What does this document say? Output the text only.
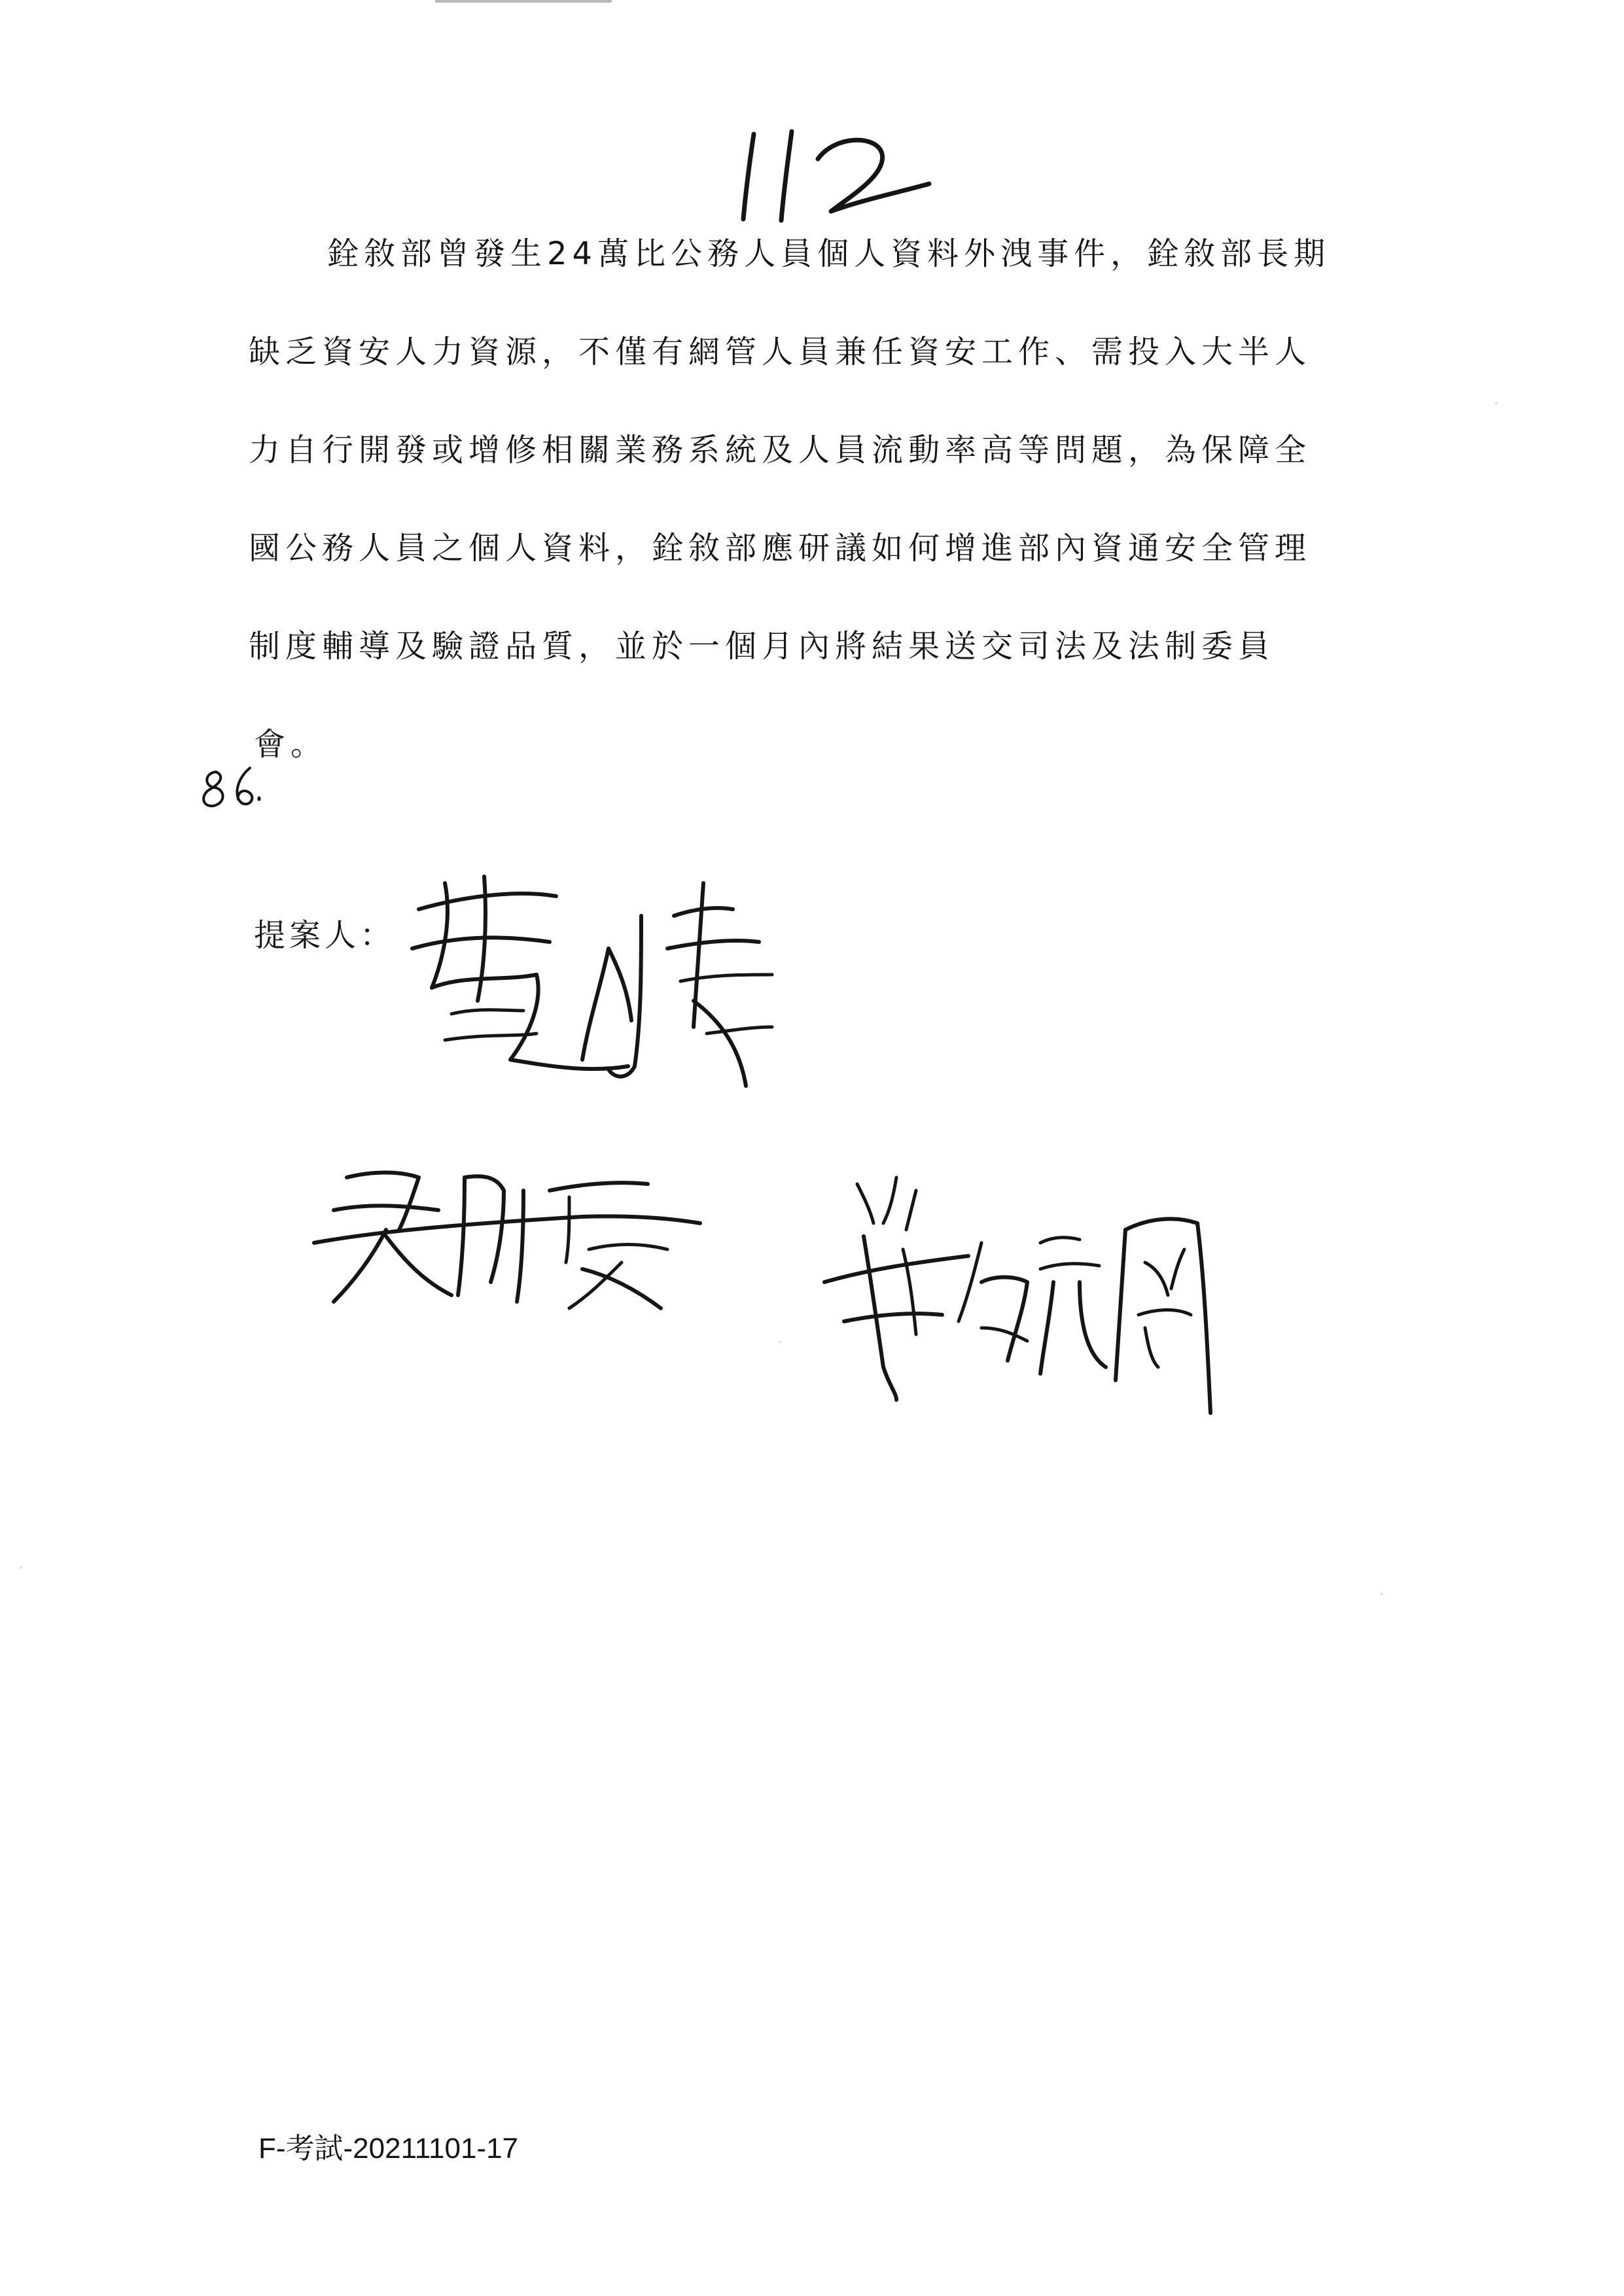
銓敘部曾發生24萬比公務人員個人資料外洩事件，銓敘部長期
缺乏資安人力資源，不僅有網管人員兼任資安工作、需投入大半人
力自行開發或增修相關業務系統及人員流動率高等問題，為保障全
國公務人員之個人資料，銓敘部應研議如何增進部內資通安全管理
制度輔導及驗證品質，並於一個月內將結果送交司法及法制委員
會。
提案人：
F-考試-20211101-17
